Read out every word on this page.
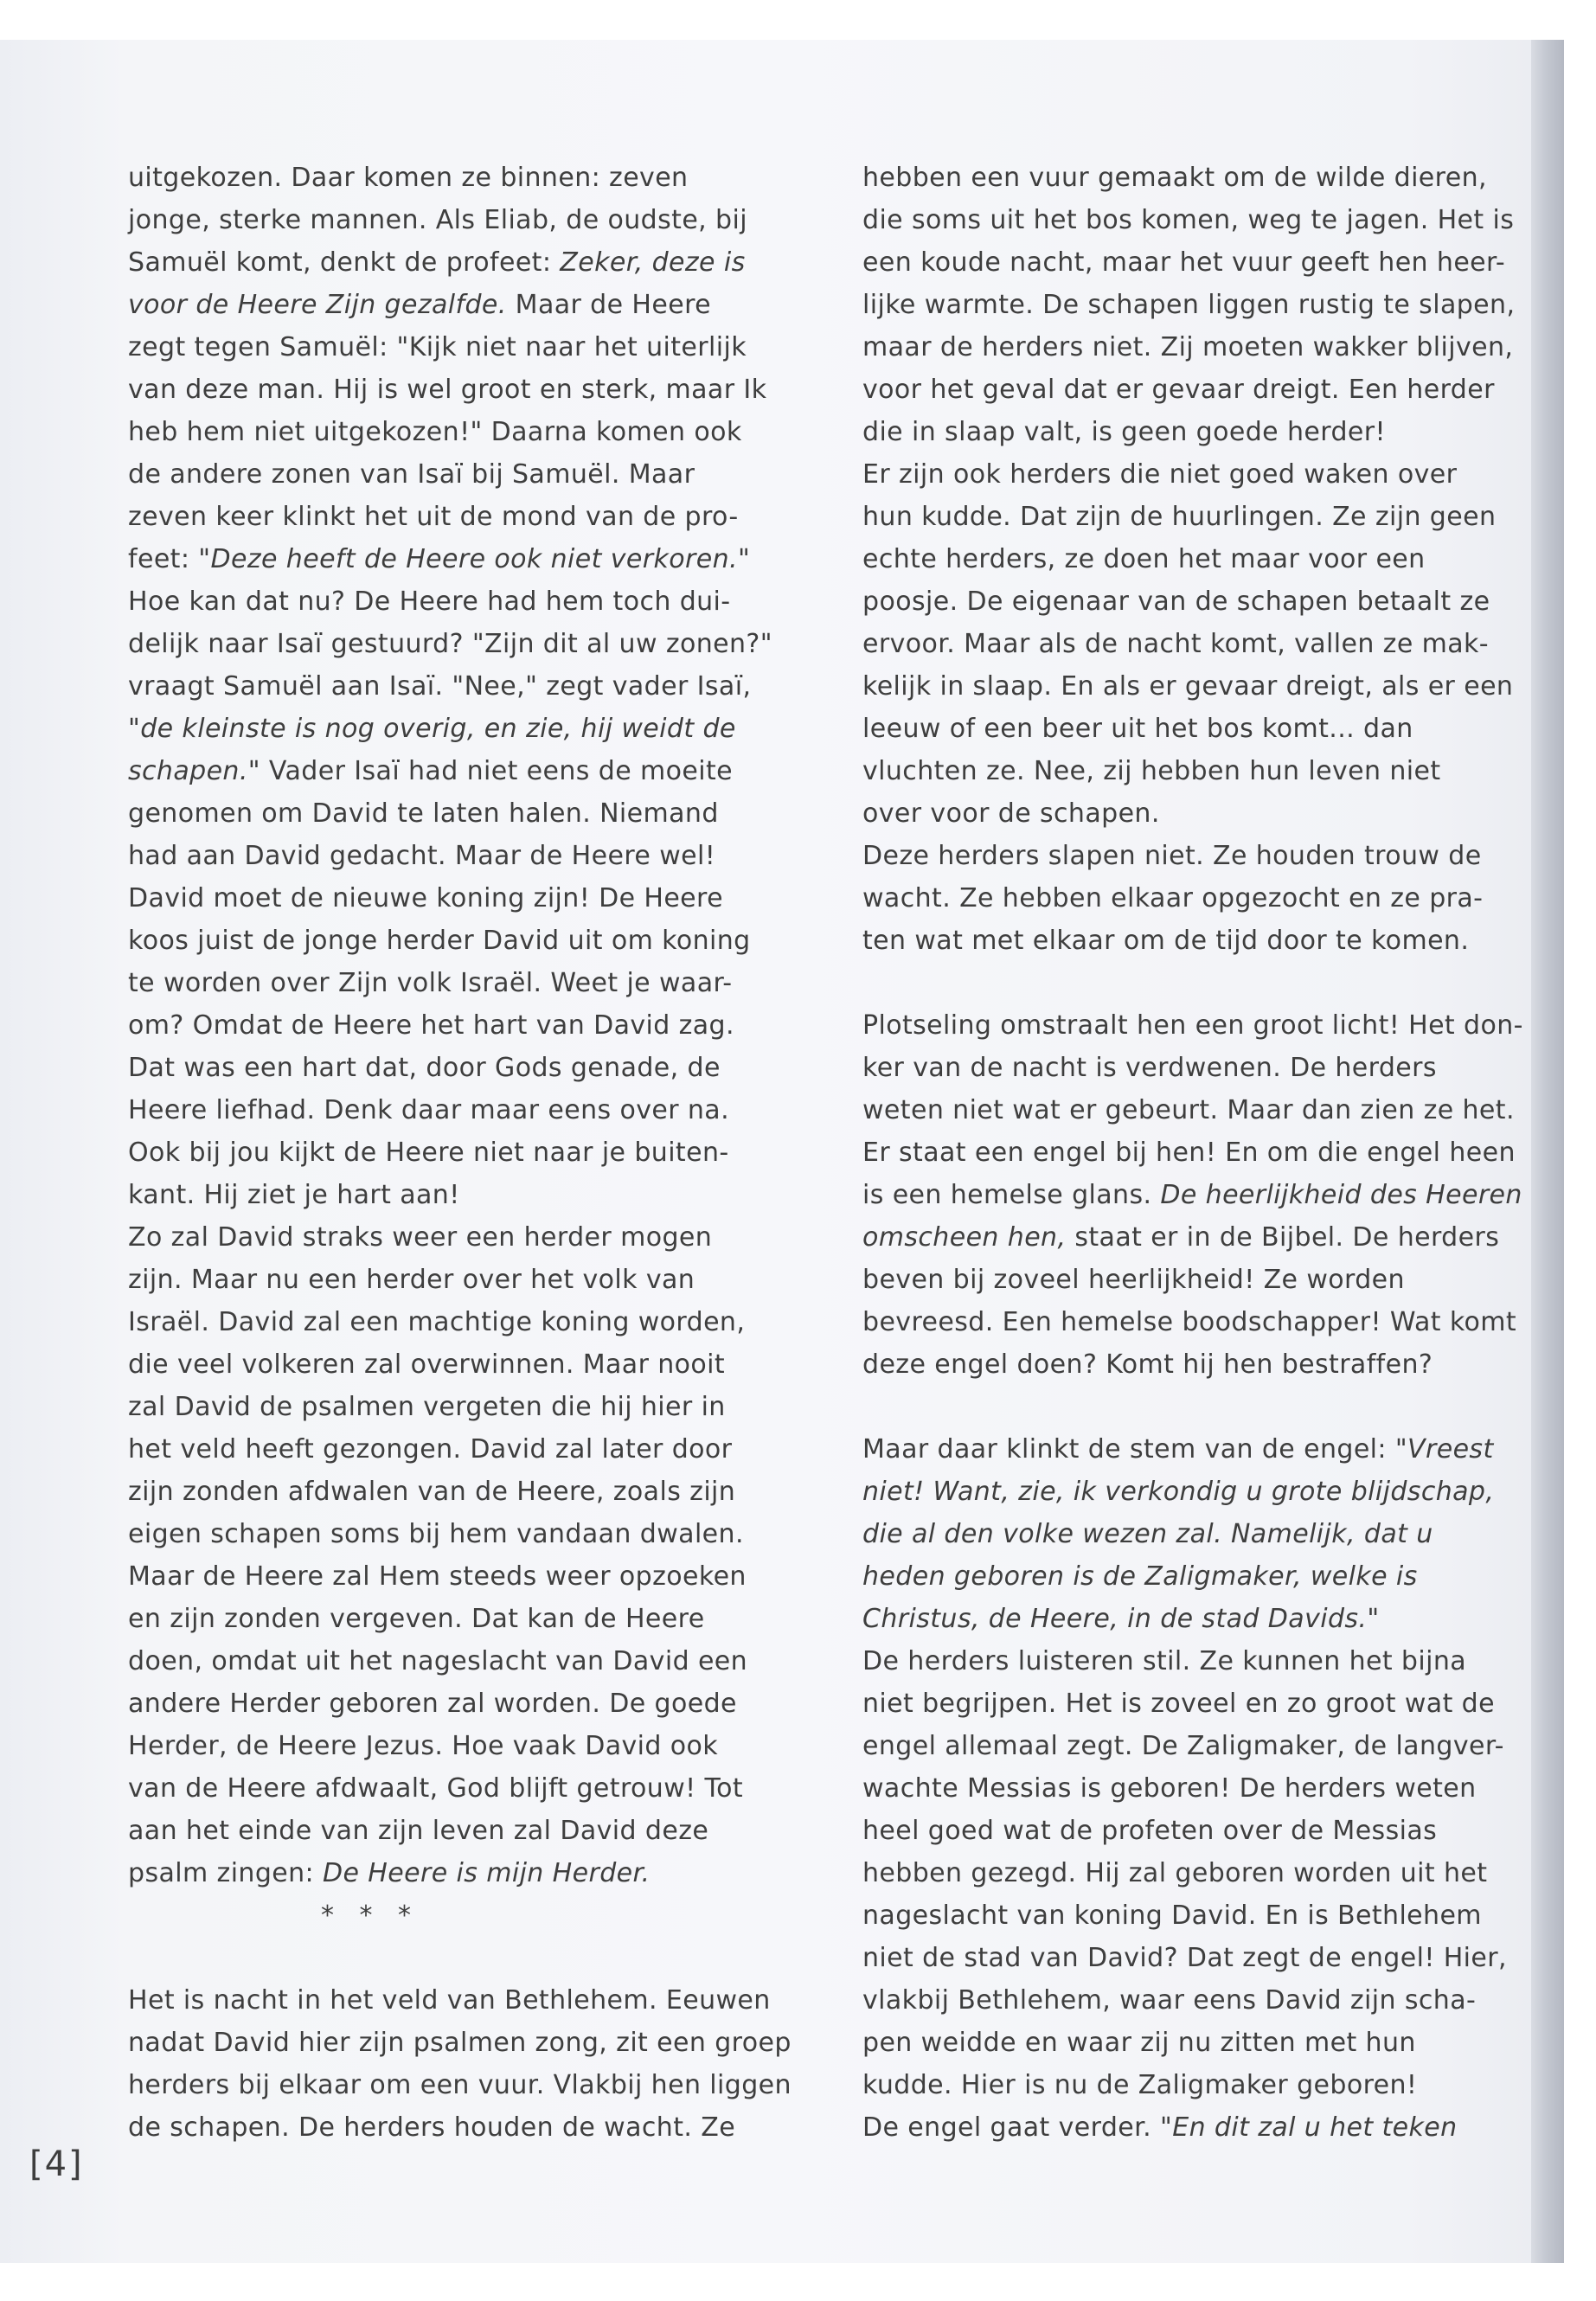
uitgekozen. Daar komen ze binnen: zeven

jonge, sterke mannen. Als Eliab, de oudste, bij

Samuël komt, denkt de profeet: Zeker, deze is

voor de Heere Zijn gezalfde. Maar de Heere

zegt tegen Samuël: "Kijk niet naar het uiterlijk

van deze man. Hij is wel groot en sterk, maar Ik

heb hem niet uitgekozen!" Daarna komen ook

de andere zonen van Isaï bij Samuël. Maar

zeven keer klinkt het uit de mond van de pro-

feet: "Deze heeft de Heere ook niet verkoren."

Hoe kan dat nu? De Heere had hem toch dui-

delijk naar Isaï gestuurd? "Zijn dit al uw zonen?"

vraagt Samuël aan Isaï. "Nee," zegt vader Isaï,

"de kleinste is nog overig, en zie, hij weidt de

schapen." Vader Isaï had niet eens de moeite

genomen om David te laten halen. Niemand

had aan David gedacht. Maar de Heere wel!

David moet de nieuwe koning zijn! De Heere

koos juist de jonge herder David uit om koning

te worden over Zijn volk Israël. Weet je waar-

om? Omdat de Heere het hart van David zag.

Dat was een hart dat, door Gods genade, de

Heere liefhad. Denk daar maar eens over na.

Ook bij jou kijkt de Heere niet naar je buiten-

kant. Hij ziet je hart aan!

Zo zal David straks weer een herder mogen

zijn. Maar nu een herder over het volk van

Israël. David zal een machtige koning worden,

die veel volkeren zal overwinnen. Maar nooit

zal David de psalmen vergeten die hij hier in

het veld heeft gezongen. David zal later door

zijn zonden afdwalen van de Heere, zoals zijn

eigen schapen soms bij hem vandaan dwalen.

Maar de Heere zal Hem steeds weer opzoeken

en zijn zonden vergeven. Dat kan de Heere

doen, omdat uit het nageslacht van David een

andere Herder geboren zal worden. De goede

Herder, de Heere Jezus. Hoe vaak David ook

van de Heere afdwaalt, God blijft getrouw! Tot

aan het einde van zijn leven zal David deze

psalm zingen: De Heere is mijn Herder.

* * *

Het is nacht in het veld van Bethlehem. Eeuwen

nadat David hier zijn psalmen zong, zit een groep

herders bij elkaar om een vuur. Vlakbij hen liggen

de schapen. De herders houden de wacht. Ze

hebben een vuur gemaakt om de wilde dieren,

die soms uit het bos komen, weg te jagen. Het is

een koude nacht, maar het vuur geeft hen heer-

lijke warmte. De schapen liggen rustig te slapen,

maar de herders niet. Zij moeten wakker blijven,

voor het geval dat er gevaar dreigt. Een herder

die in slaap valt, is geen goede herder!

Er zijn ook herders die niet goed waken over

hun kudde. Dat zijn de huurlingen. Ze zijn geen

echte herders, ze doen het maar voor een

poosje. De eigenaar van de schapen betaalt ze

ervoor. Maar als de nacht komt, vallen ze mak-

kelijk in slaap. En als er gevaar dreigt, als er een

leeuw of een beer uit het bos komt... dan

vluchten ze. Nee, zij hebben hun leven niet

over voor de schapen.

Deze herders slapen niet. Ze houden trouw de

wacht. Ze hebben elkaar opgezocht en ze pra-

ten wat met elkaar om de tijd door te komen.

Plotseling omstraalt hen een groot licht! Het don-

ker van de nacht is verdwenen. De herders

weten niet wat er gebeurt. Maar dan zien ze het.

Er staat een engel bij hen! En om die engel heen

is een hemelse glans. De heerlijkheid des Heeren

omscheen hen, staat er in de Bijbel. De herders

beven bij zoveel heerlijkheid! Ze worden

bevreesd. Een hemelse boodschapper! Wat komt

deze engel doen? Komt hij hen bestraffen?

Maar daar klinkt de stem van de engel: "Vreest

niet! Want, zie, ik verkondig u grote blijdschap,

die al den volke wezen zal. Namelijk, dat u

heden geboren is de Zaligmaker, welke is

Christus, de Heere, in de stad Davids."

De herders luisteren stil. Ze kunnen het bijna

niet begrijpen. Het is zoveel en zo groot wat de

engel allemaal zegt. De Zaligmaker, de langver-

wachte Messias is geboren! De herders weten

heel goed wat de profeten over de Messias

hebben gezegd. Hij zal geboren worden uit het

nageslacht van koning David. En is Bethlehem

niet de stad van David? Dat zegt de engel! Hier,

vlakbij Bethlehem, waar eens David zijn scha-

pen weidde en waar zij nu zitten met hun

kudde. Hier is nu de Zaligmaker geboren!

De engel gaat verder. "En dit zal u het teken

[4]
